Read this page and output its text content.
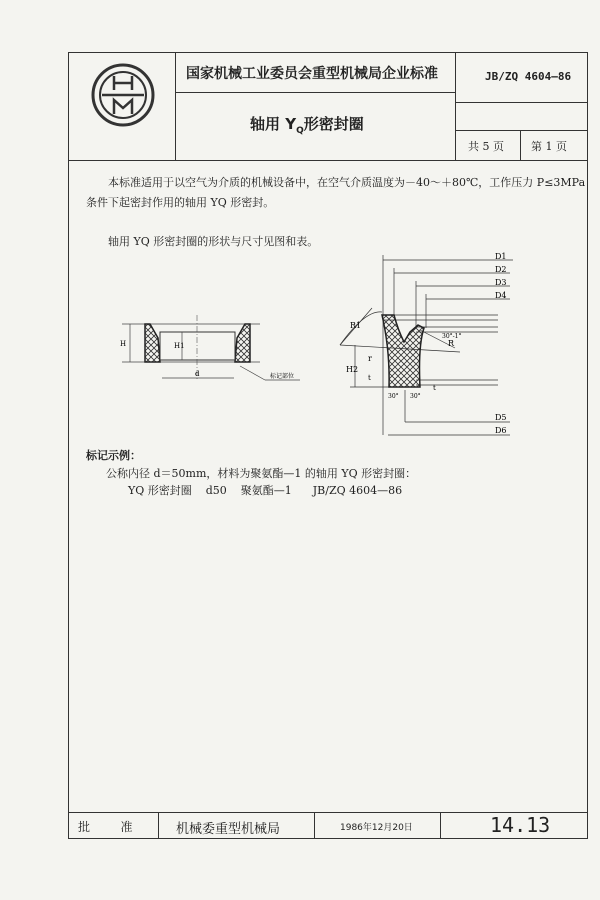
国家机械工业委员会重型机械局企业标准
轴用 $Y_Q$形密封圈
JB/ZQ 4604—86
共 5 页 第 1 页
本标准适用于以空气为介质的机械设备中，在空气介质温度为－40～＋80℃，工作压力 P≤3MPa
条件下起密封作用的轴用 YQ 形密封。
轴用 YQ 形密封圈的形状与尺寸见图和表。
H	H1
d	标记部位
D1
D2
D3
D4
D5
D6
R1
R
r
H2
t
t
30°-1°
30° 30°
标记示例：
公称内径 d＝50mm，材料为聚氨酯—1 的轴用 YQ 形密封圈：
YQ 形密封圈    d50    聚氨酯—1      JB/ZQ 4604—86
批        准	机械委重型机械局	1986年12月20日	14.13
